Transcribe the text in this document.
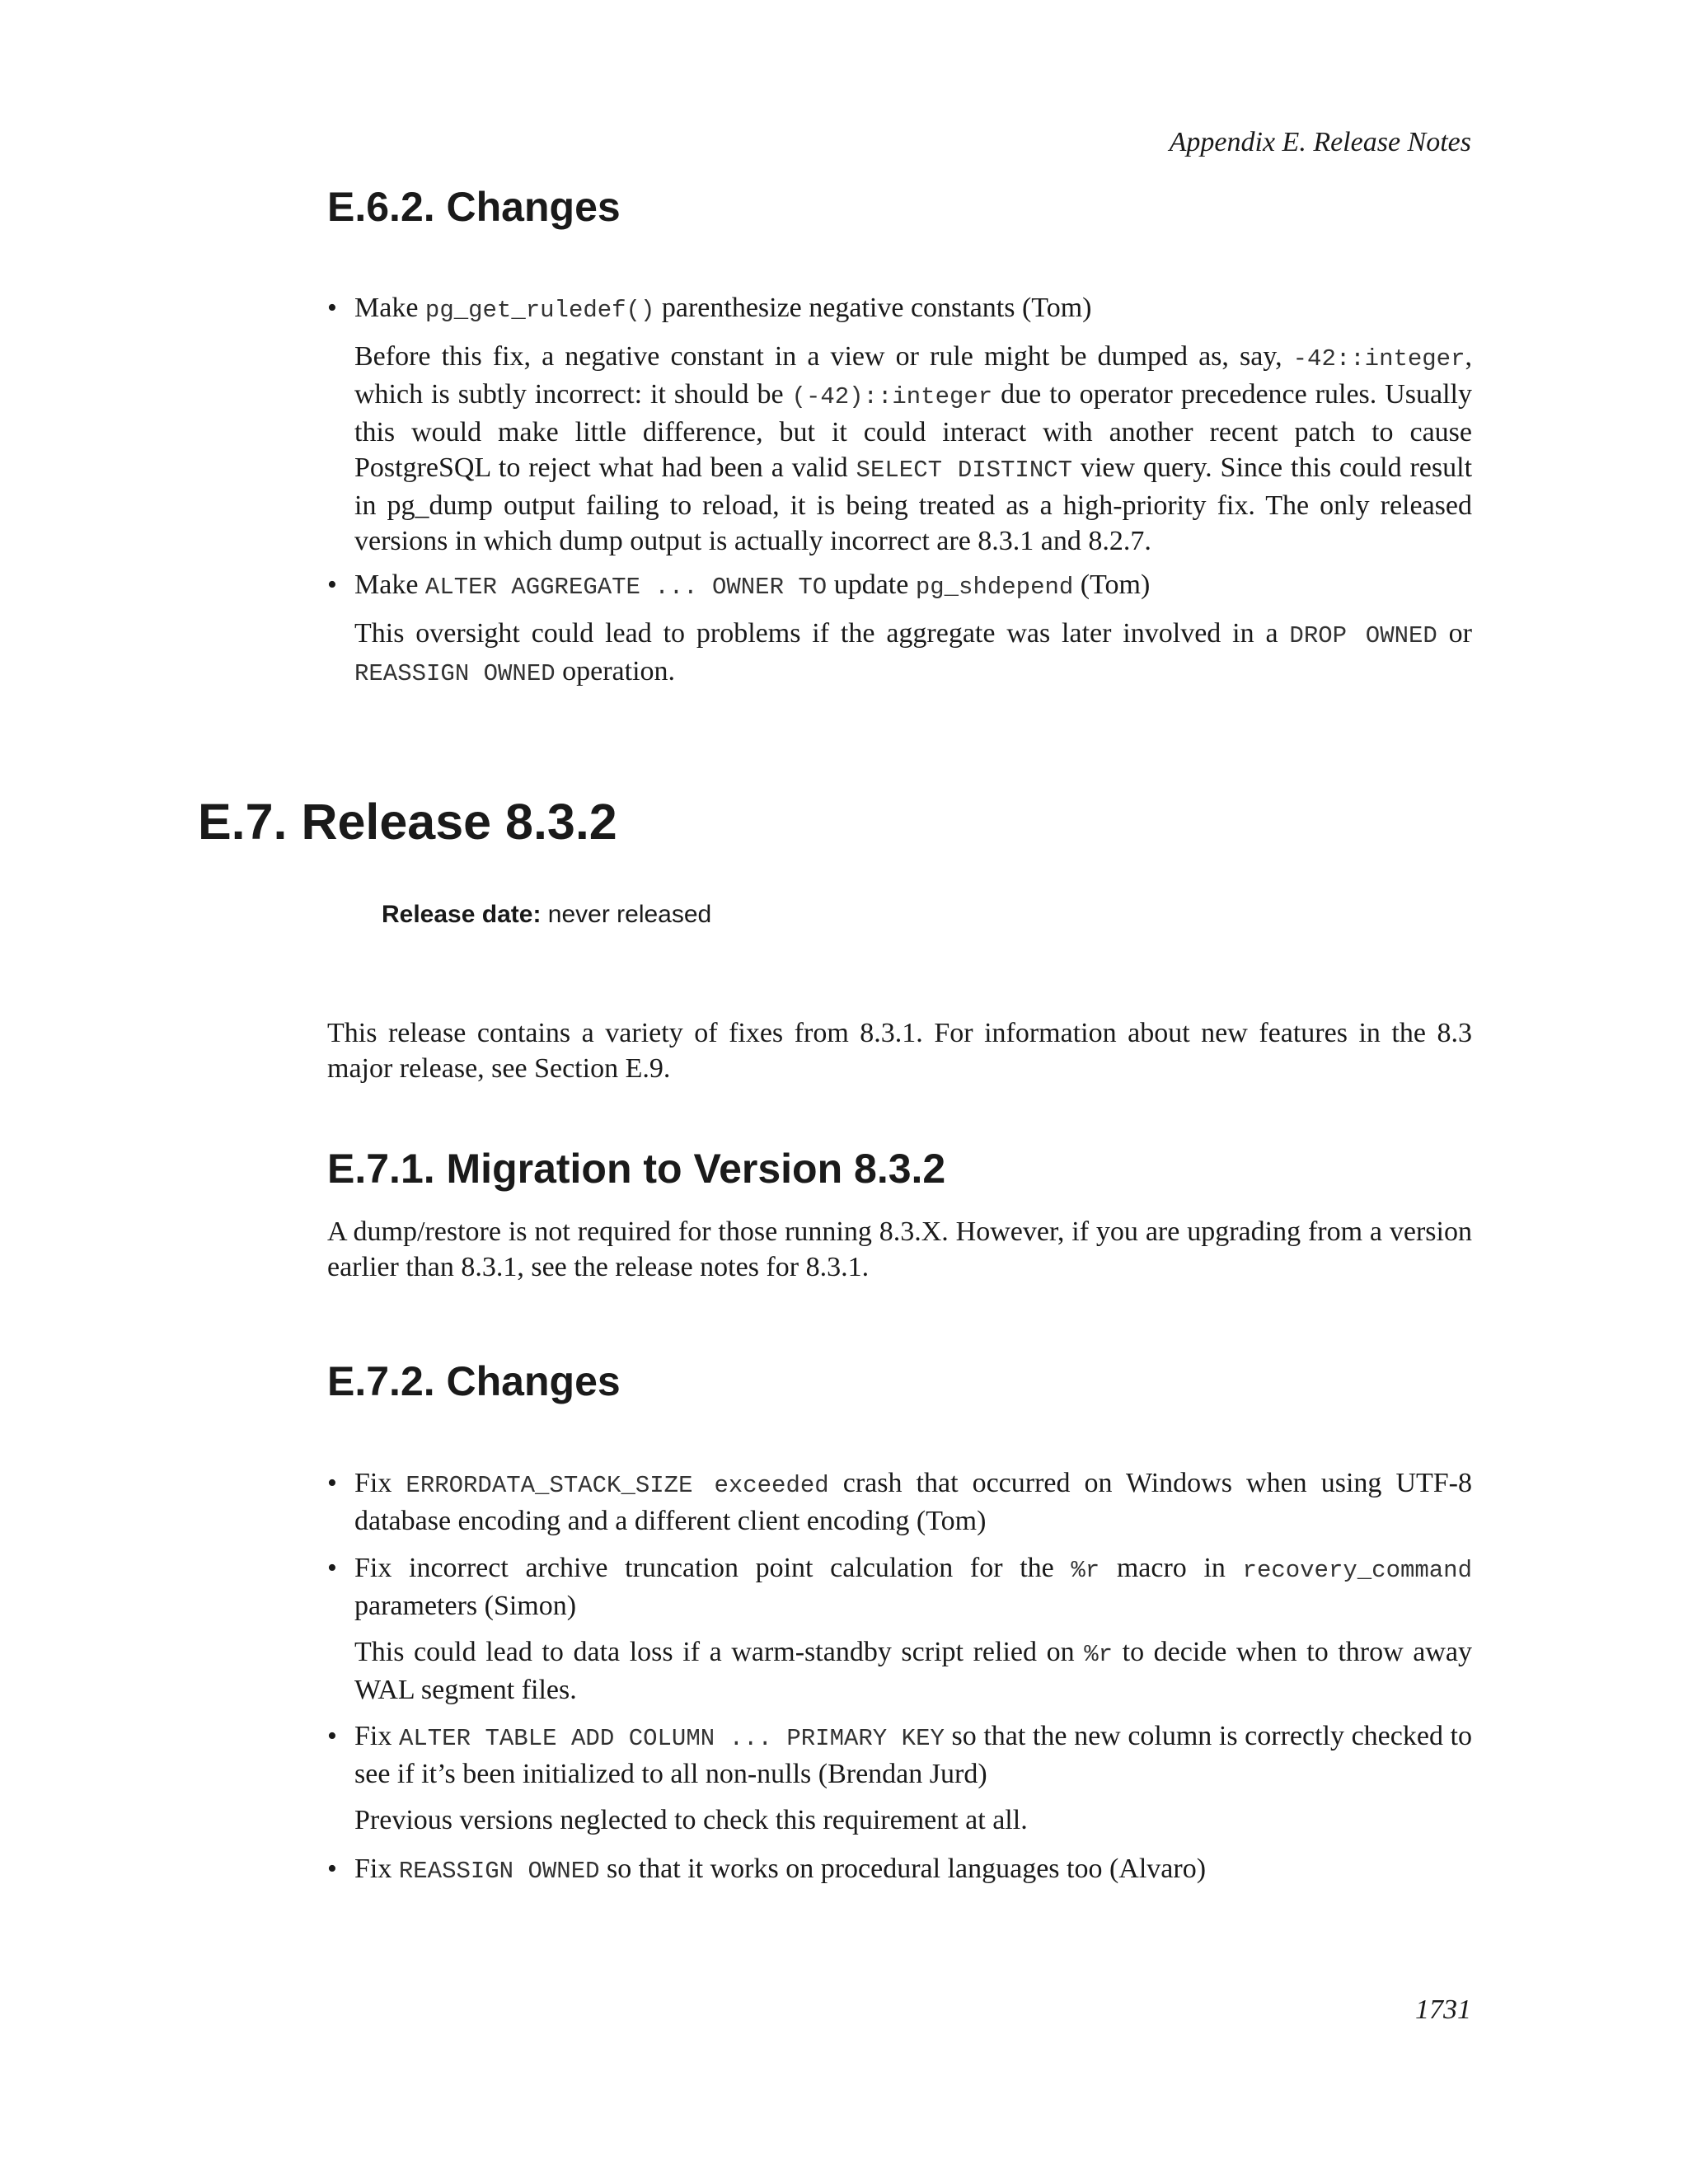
Appendix E. Release Notes
E.6.2. Changes
• Make pg_get_ruledef() parenthesize negative constants (Tom)

Before this fix, a negative constant in a view or rule might be dumped as, say, -42::integer, which is subtly incorrect: it should be (-42)::integer due to operator precedence rules. Usually this would make little difference, but it could interact with another recent patch to cause PostgreSQL to reject what had been a valid SELECT DISTINCT view query. Since this could result in pg_dump output failing to reload, it is being treated as a high-priority fix. The only released versions in which dump output is actually incorrect are 8.3.1 and 8.2.7.

• Make ALTER AGGREGATE ... OWNER TO update pg_shdepend (Tom)

This oversight could lead to problems if the aggregate was later involved in a DROP OWNED or REASSIGN OWNED operation.

E.7. Release 8.3.2
Release date: never released

This release contains a variety of fixes from 8.3.1. For information about new features in the 8.3 major release, see Section E.9.

E.7.1. Migration to Version 8.3.2

A dump/restore is not required for those running 8.3.X. However, if you are upgrading from a version earlier than 8.3.1, see the release notes for 8.3.1.

E.7.2. Changes
• Fix ERRORDATA_STACK_SIZE exceeded crash that occurred on Windows when using UTF-8 database encoding and a different client encoding (Tom)
• Fix incorrect archive truncation point calculation for the %r macro in recovery_command parameters (Simon)

This could lead to data loss if a warm-standby script relied on %r to decide when to throw away WAL segment files.

• Fix ALTER TABLE ADD COLUMN ... PRIMARY KEY so that the new column is correctly checked to see if it’s been initialized to all non-nulls (Brendan Jurd)

Previous versions neglected to check this requirement at all.

• Fix REASSIGN OWNED so that it works on procedural languages too (Alvaro)
1731
